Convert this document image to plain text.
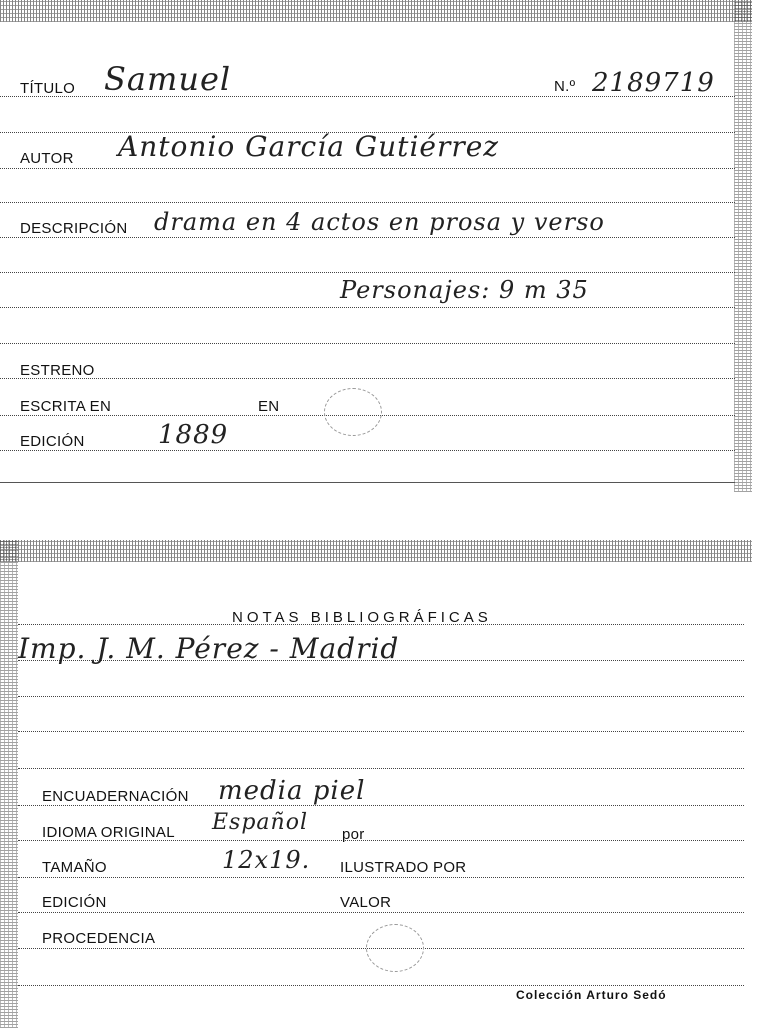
TÍTULO Samuel	N.º 2189719
AUTOR Antonio García Gutiérrez
DESCRIPCIÓN drama en 4 actos en prosa y verso
Personajes: 9 m 35
ESTRENO
ESCRITA EN	EN
EDICIÓN	1889
NOTAS BIBLIOGRÁFICAS
Imp. J. M. Pérez - Madrid
ENCUADERNACIÓN media piel
IDIOMA ORIGINAL Español por
TAMAÑO	12x19. ILUSTRADO POR
EDICIÓN	VALOR
PROCEDENCIA
Colección Arturo Sedó
